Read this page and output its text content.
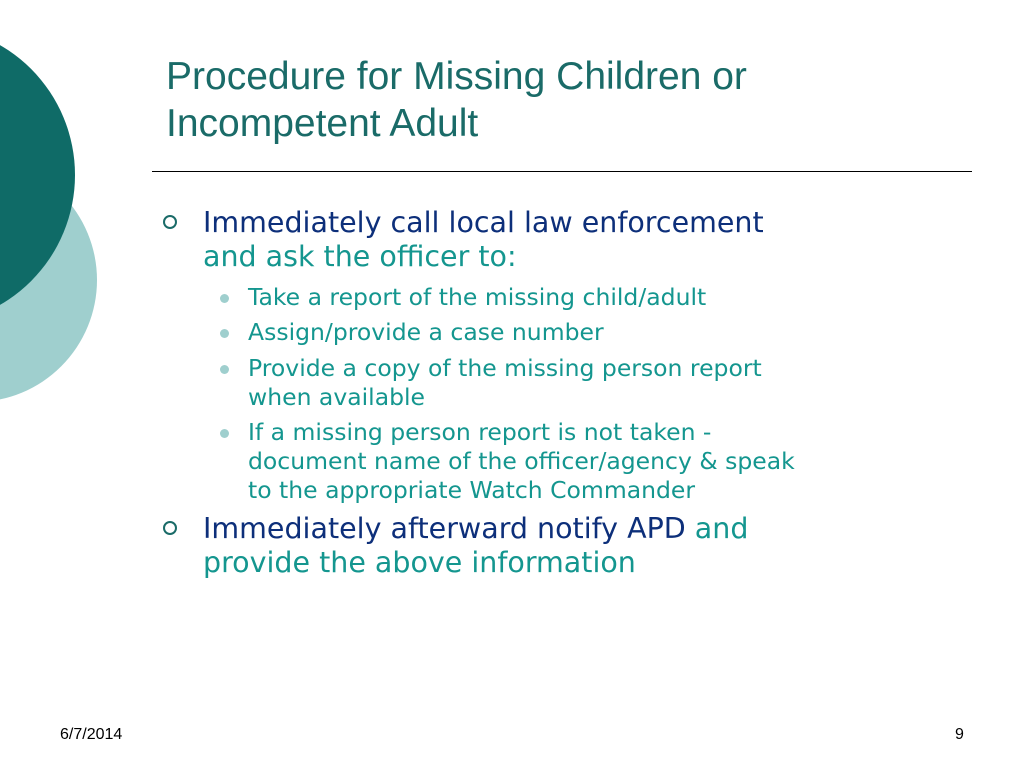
Procedure for Missing Children or
Incompetent Adult
Immediately call local law enforcement
and ask the officer to:
Take a report of the missing child/adult
Assign/provide a case number
Provide a copy of the missing person report
when available
If a missing person report is not taken -
document name of the officer/agency & speak
to the appropriate Watch Commander
Immediately afterward notify APD and
provide the above information
6/7/2014	9
